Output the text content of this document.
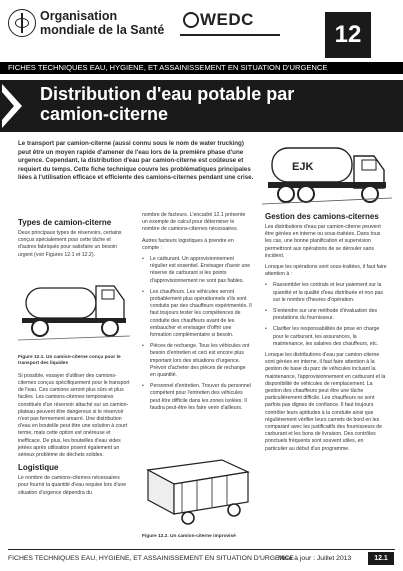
Organisation
mondiale de la Santé
WEDC
12
FICHES TECHNIQUES EAU, HYGIENE, ET ASSAINISSEMENT EN SITUATION D'URGENCE
Distribution d'eau potable par
camion-citerne
Le transport par camion-citerne (aussi connu sous le nom de water trucking) peut être un moyen rapide d'amener de l'eau lors de la première phase d'une urgence. Cependant, la distribution d'eau par camion-citerne est coûteuse et requiert du temps. Cette fiche technique couvre les problématiques principales liées à l'utilisation efficace et efficiente des camions-citernes pendant une crise.
EJK
Types de camion-citerne

Deux principaux types de réservoirs, certains conçus spécialement pour cette tâche et d'autres fabriqués pour satisfaire un besoin urgent (voir Figures 12.1 et 12.2).

Figure 12.1. Un camion-citerne conçu pour le transport des liquides

Si possible, essayer d'utiliser des camions-citernes conçus spécifiquement pour le transport de l'eau. Ces camions seront plus sûrs et plus faciles. Les camions-citernes temporaires constitués d'un réservoir attaché sur un camion-plateau peuvent être dangereux si le réservoir n'est pas fermement amarré. Une distribution d'eau en bouteille peut être une solution à court terme, mais cette option est onéreuse et inefficace. De plus, les bouteilles d'eau vides jetées après utilisation posent également un sérieux problème de déchets solides.

Logistique

Le nombre de camions-citernes nécessaires pour fournir la quantité d'eau requise lors d'une situation d'urgence dépendra du

nombre de facteurs. L'encadré 12.1 présente un exemple de calcul pour déterminer le nombre de camions-citernes nécessaires.

Autres facteurs logistiques à prendre en compte :

• Le carburant. Un approvisionnement régulier est essentiel. Envisager d'avoir une réserve de carburant si les points d'approvisionnement ne sont pas fiables.
• Les chauffeurs. Les véhicules seront probablement plus opérationnels s'ils sont conduits par des chauffeurs expérimentés. Il faut toujours tester les compétences de conduite des chauffeurs avant de les embaucher et envisager d'offrir une formation complémentaire si besoin.
• Pièces de rechange. Tous les véhicules ont besoin d'entretien et ceci est encore plus important lors des situations d'urgence. Prévoir d'acheter des pièces de rechange en quantité.
• Personnel d'entretien. Trouver du personnel compétent pour l'entretien des véhicules peut être difficile dans les zones isolées. Il faudra peut-être les faire venir d'ailleurs.
Figure 12.2. Un camion-citerne improvisé
Gestion des camions-citernes

Les distributions d'eau par camion-citerne peuvent être gérées en interne ou sous-traitées. Dans tous les cas, une bonne planification et supervision permettront aux opérations de se dérouler sans incident.

Lorsque les opérations sont sous-traitées, il faut faire attention à :

• Rassembler les contrats et leur paiement sur la quantité et la qualité d'eau distribuée et non pas sur le nombre d'heures d'opération.
• S'entendre sur une méthode d'évaluation des prestations du fournisseur.
• Clarifier les responsabilités de prise en charge pour le carburant, les assurances, la maintenance, les salaires des chauffeurs, etc.

Lorsque les distributions d'eau par camion-citerne sont gérées en interne, il faut faire attention à la gestion de base du parc de véhicules incluant la maintenance, l'approvisionnement en carburant et la disponibilité de véhicules de remplacement. La gestion des chauffeurs peut être une tâche particulièrement difficile. Les chauffeurs ne sont parfois pas dignes de confiance. Il faut toujours contrôler leurs aptitudes à la conduite ainsi que régulièrement vérifier leurs carnets de bord en les comparant avec les justificatifs des fournisseurs de carburant et les bons de livraison. Des contrôles ponctuels fréquents sont souvent utiles, en particulier au début d'un programme.

FICHES TECHNIQUES EAU, HYGIENE, ET ASSAINISSEMENT EN SITUATION D'URGENCE
Mise à jour : Juillet 2013	12.1
